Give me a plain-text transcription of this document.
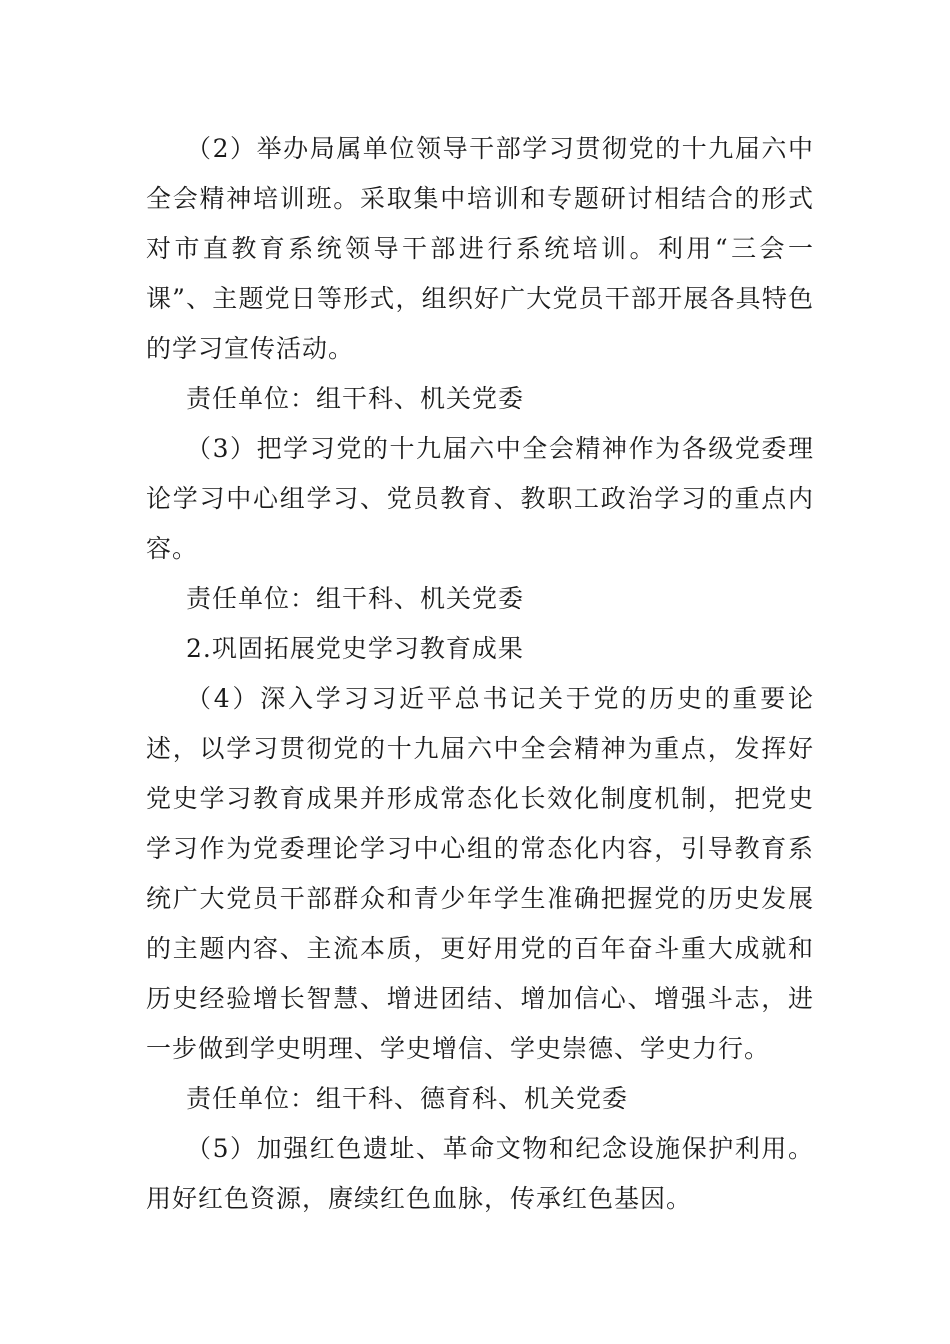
（2）举办局属单位领导干部学习贯彻党的十九届六中全会精神培训班。采取集中培训和专题研讨相结合的形式对市直教育系统领导干部进行系统培训。利用“三会一课”、主题党日等形式，组织好广大党员干部开展各具特色的学习宣传活动。

责任单位：组干科、机关党委

（3）把学习党的十九届六中全会精神作为各级党委理论学习中心组学习、党员教育、教职工政治学习的重点内容。

责任单位：组干科、机关党委

2.巩固拓展党史学习教育成果

（4）深入学习习近平总书记关于党的历史的重要论述，以学习贯彻党的十九届六中全会精神为重点，发挥好党史学习教育成果并形成常态化长效化制度机制，把党史学习作为党委理论学习中心组的常态化内容，引导教育系统广大党员干部群众和青少年学生准确把握党的历史发展的主题内容、主流本质，更好用党的百年奋斗重大成就和历史经验增长智慧、增进团结、增加信心、增强斗志，进一步做到学史明理、学史增信、学史崇德、学史力行。

责任单位：组干科、德育科、机关党委

（5）加强红色遗址、革命文物和纪念设施保护利用。用好红色资源，赓续红色血脉，传承红色基因。
